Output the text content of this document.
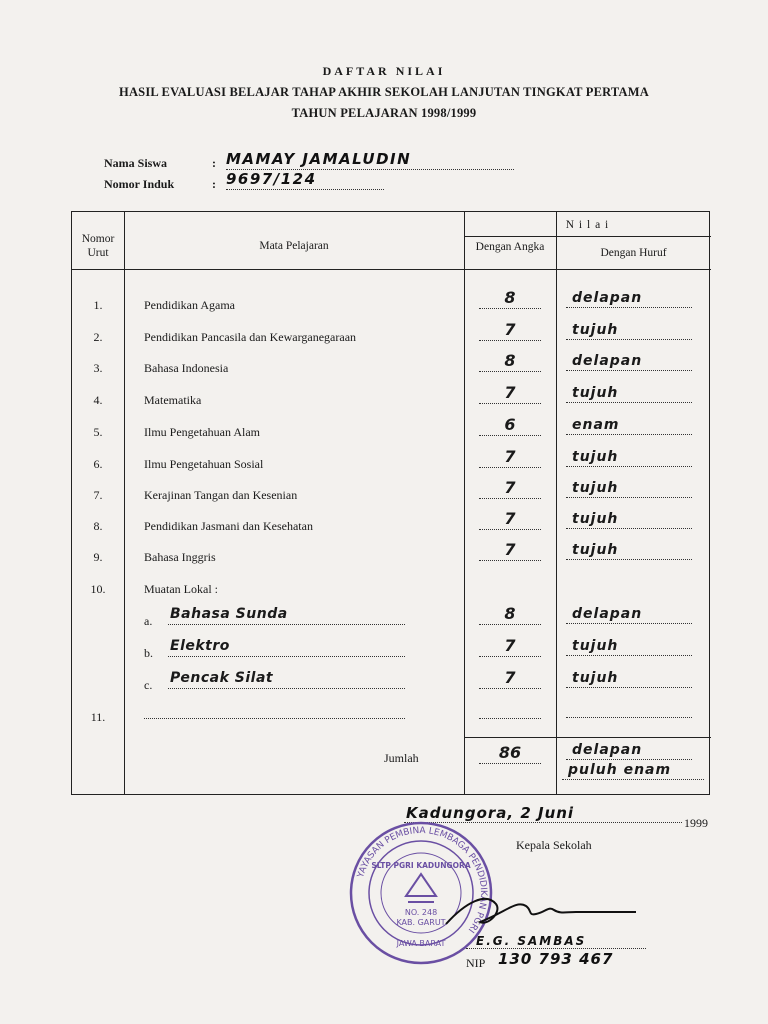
DAFTAR NILAI
HASIL EVALUASI BELAJAR TAHAP AKHIR SEKOLAH LANJUTAN TINGKAT PERTAMA
TAHUN PELAJARAN 1998/1999
Nama Siswa	: MAMAY JAMALUDIN
Nomor Induk	: 9697/124
Nomor Urut
Mata Pelajaran
N i l a i
Dengan Angka	Dengan Huruf
1.	Pendidikan Agama	8	delapan
2.	Pendidikan Pancasila dan Kewarganegaraan	7	tujuh
3.	Bahasa Indonesia	8	delapan
4.	Matematika	7	tujuh
5.	Ilmu Pengetahuan Alam	6	enam
6.	Ilmu Pengetahuan Sosial	7	tujuh
7.	Kerajinan Tangan dan Kesenian	7	tujuh
8.	Pendidikan Jasmani dan Kesehatan	7	tujuh
9.	Bahasa Inggris	7	tujuh
10.	Muatan Lokal :
a. Bahasa Sunda	8	delapan
b. Elektro	7	tujuh
c. Pencak Silat	7	tujuh
11.
Jumlah	86	delapan
puluh enam
Kadungora, 2 Juni
1999
Kepala Sekolah
YAYASAN PEMBINA LEMBAGA PENDIDIKAN PGRI
SLTP PGRI KADUNGORA
NO. 248
KAB. GARUT
JAWA BARAT	E.G. SAMBAS
NIP 130 793 467
